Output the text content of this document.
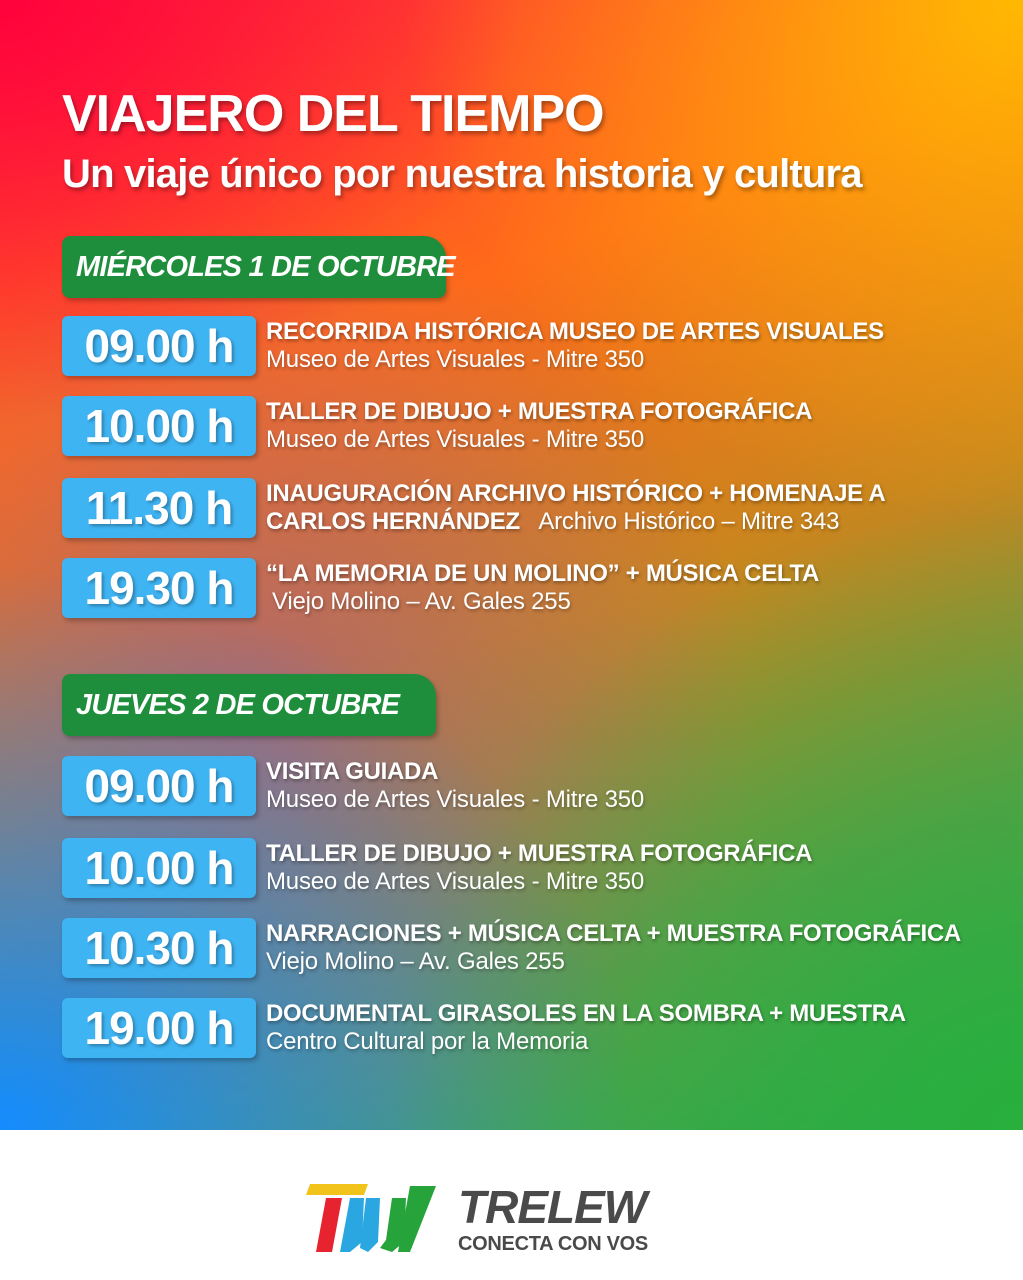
VIAJERO DEL TIEMPO
Un viaje único por nuestra historia y cultura
MIÉRCOLES 1 DE OCTUBRE
09.00 h	RECORRIDA HISTÓRICA MUSEO DE ARTES VISUALES
Museo de Artes Visuales - Mitre 350
10.00 h	TALLER DE DIBUJO + MUESTRA FOTOGRÁFICA
Museo de Artes Visuales - Mitre 350
11.30 h	INAUGURACIÓN ARCHIVO HISTÓRICO + HOMENAJE A
CARLOS HERNÁNDEZ Archivo Histórico – Mitre 343
19.30 h	“LA MEMORIA DE UN MOLINO” + MÚSICA CELTA
Viejo Molino – Av. Gales 255
JUEVES 2 DE OCTUBRE
09.00 h	VISITA GUIADA
Museo de Artes Visuales - Mitre 350
10.00 h	TALLER DE DIBUJO + MUESTRA FOTOGRÁFICA
Museo de Artes Visuales - Mitre 350
10.30 h	NARRACIONES + MÚSICA CELTA + MUESTRA FOTOGRÁFICA
Viejo Molino – Av. Gales 255
19.00 h	DOCUMENTAL GIRASOLES EN LA SOMBRA + MUESTRA
Centro Cultural por la Memoria
TRELEW

CONECTA CON VOS
